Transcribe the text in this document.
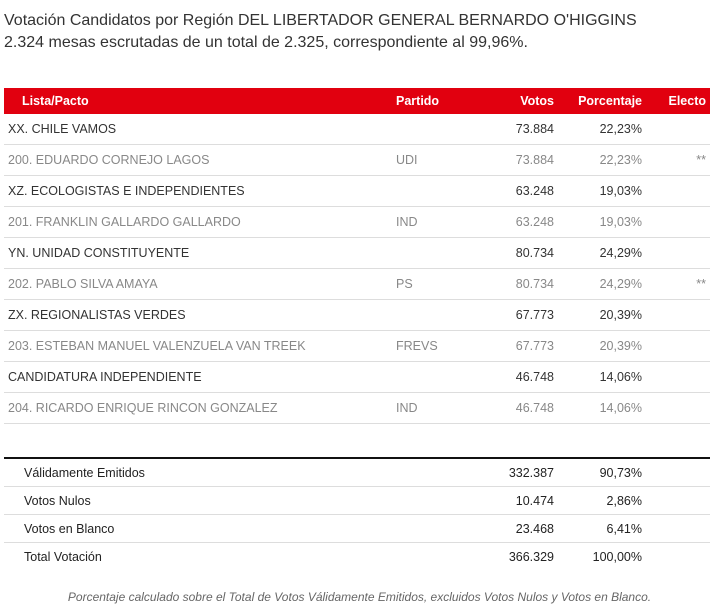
Votación Candidatos por Región DEL LIBERTADOR GENERAL BERNARDO O'HIGGINS
2.324 mesas escrutadas de un total de 2.325, correspondiente al 99,96%.
Lista/Pacto	Partido	Votos	Porcentaje	Electo
XX. CHILE VAMOS		73.884	22,23%	
200. EDUARDO CORNEJO LAGOS	UDI	73.884	22,23%	**
XZ. ECOLOGISTAS E INDEPENDIENTES		63.248	19,03%	
201. FRANKLIN GALLARDO GALLARDO	IND	63.248	19,03%	
YN. UNIDAD CONSTITUYENTE		80.734	24,29%	
202. PABLO SILVA AMAYA	PS	80.734	24,29%	**
ZX. REGIONALISTAS VERDES		67.773	20,39%	
203. ESTEBAN MANUEL VALENZUELA VAN TREEK	FREVS	67.773	20,39%	
CANDIDATURA INDEPENDIENTE		46.748	14,06%	
204. RICARDO ENRIQUE RINCON GONZALEZ	IND	46.748	14,06%	
Válidamente Emitidos		332.387	90,73%	
Votos Nulos		10.474	2,86%	
Votos en Blanco		23.468	6,41%	
Total Votación		366.329	100,00%	
Porcentaje calculado sobre el Total de Votos Válidamente Emitidos, excluidos Votos Nulos y Votos en Blanco.
